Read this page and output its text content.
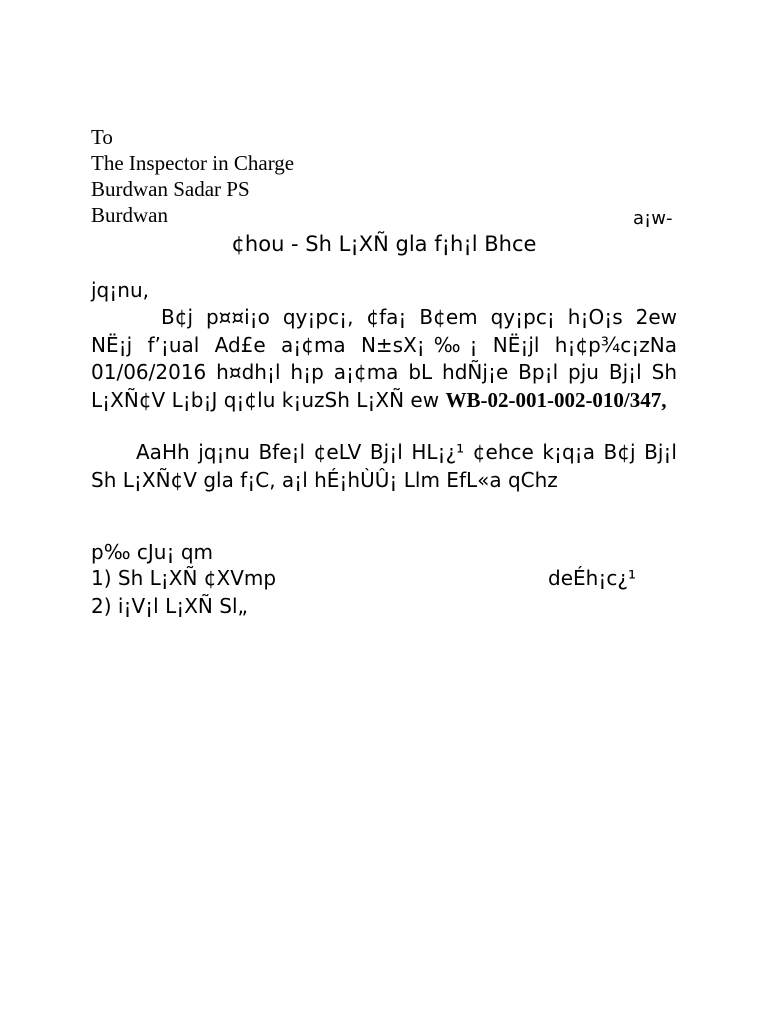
To
The Inspector in Charge
Burdwan Sadar PS
Burdwan	a¡w-
¢hou - Sh L¡XÑ gla f¡h¡l Bhce
jq¡nu,
B¢j p¤¤i¡o qy¡pc¡, ¢fa¡ B¢em qy¡pc¡ h¡O¡s 2ew NË¡j f’¡ual Ad£e a¡¢ma N±sX¡‰¡ NË¡jl h¡¢p¾c¡zNa 01/06/2016 h¤dh¡l h¡p a¡¢ma bL hdÑj¡e Bp¡l pju Bj¡l Sh L¡XÑ¢V L¡b¡J q¡¢lu k¡uzSh L¡XÑ ew WB-02-001-002-010/347,
AaHh jq¡nu Bfe¡l ¢eLV Bj¡l HL¡¿¹ ¢ehce k¡q¡a B¢j Bj¡l Sh L¡XÑ¢V gla f¡C, a¡l hÉ¡hÙÛ¡ Llm EfL«a qChz
p‰ cJu¡ qm
1) Sh L¡XÑ ¢XVmp	deÉh¡c¿¹
2) i¡V¡l L¡XÑ Sl„
